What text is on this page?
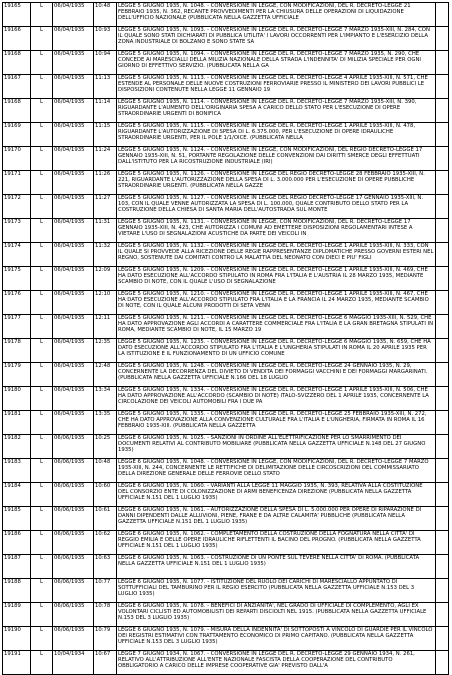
19165	L	06/04/1935	10:48	LEGGE 5 GIUGNO 1935, N. 1048. - CONVERSIONE IN LEGGE, CON MODIFICAZIONI, DEL R. DECRETO-LEGGE 21 FEBBRAIO 1935, N. 362, RECANTE PROVVEDIMENTI PER LA CHIUSURA DELLE OPERAZIONI DI LIQUIDAZIONE DELL'UFFICIO NAZIONALE (PUBBLICATA NELLA GAZZETTA UFFICIALE	

19166	L	06/04/1935	10:93	LEGGE 5 GIUGNO 1935, N. 1093. - CONVERSIONE IN LEGGE DEL R. DECRETO-LEGGE 7 MARZO 1935-XIII, N. 284, CON IL QUALE SONO STATI DICHIARATI DI PUBBLICA UTILITA' I LAVORI OCCORRENTI PER L'IMPIANTO E L'ESERCIZIO DELLA ZONA INDUSTRIALE DI BOLZANO E SONO STATE SA	

19168	L	06/04/1935	10:94	LEGGE 5 GIUGNO 1935, N. 1094. - CONVERSIONE IN LEGGE DEL R. DECRETO-LEGGE 7 MARZO 1935, N. 290, CHE CONCEDE AI MARESCIALLI DELLA MILIZIA NAZIONALE DELLA STRADA L'INDENNITA' DI MILIZIA SPECIALE PER OGNI GIORNO DI EFFETTIVO SERVIZIO. (PUBBLICATA NELLA GA	

19167	L	06/04/1935	11:13	LEGGE 5 GIUGNO 1935, N. 1113. - CONVERSIONE IN LEGGE DEL R. DECRETO-LEGGE 4 APRILE 1935-XIII, N. 571, CHE ESTENDE AL PERSONALE DELLE NUOVE COSTRUZIONI FERROVIARIE PRESSO IL MINISTERO DEI LAVORI PUBBLICI LE DISPOSIZIONI CONTENUTE NELLA LEGGE 11 GENNAIO 19	

19168	L	06/04/1935	11:14	LEGGE 5 GIUGNO 1935, N. 1114. - CONVERSIONE IN LEGGE DEL R. DECRETO-LEGGE 7 MARZO 1935-XIII, N. 390, RIGUARDANTE L'AUMENTO DELL'ORIGINARIA SPESA A CARICO DELLO STATO PER L'ESECUZIONE DI OPERE STRAORDINARIE URGENTI DI BONIFICA	

19169	L	06/04/1935	11:15	LEGGE 5 GIUGNO 1935, N. 1115. - CONVERSIONE IN LEGGE DEL R. DECRETO-LEGGE 1 APRILE 1935-XIII, N. 478, RIGUARDANTE L'AUTORIZZAZIONE DI SPESA DI L. 6.375.000, PER L'ESECUZIONE DI OPERE IDRAULICHE STRAORDINARIE URGENTI, PER IL POLE 1/1/OICE. (PUBBLICATA NELLA	

19170	L	06/04/1935	11:24	LEGGE 5 GIUGNO 1935, N. 1124. - CONVERSIONE IN LEGGE, CON MODIFICAZIONI, DEL REGIO DECRETO-LEGGE 17 GENNAIO 1935-XIII, N. 51, PORTANTE REGOLAZIONE DELLE CONVENZIONI DAI DIRITTI SMERCE DEGLI EFFETTUATI DALL'ISTITUTO PER LA RICOSTRUZIONE INDUSTRIALE (IRI)	

19171	L	06/04/1935	11:26	LEGGE 5 GIUGNO 1935, N. 1126. - CONVERSIONE IN LEGGE DEL REGIO DECRETO-LEGGE 28 FEBBRAIO 1935-XIII, N. 221, RIGUARDANTE L'AUTORIZZAZIONE DELLA SPESA DI L. 3.000.000 PER L'ESECUZIONE DI OPERE PUBBLICHE STRAORDINARIE URGENTI. (PUBBLICATA NELLA GAZZE	

19172	L	06/04/1935	11:27	LEGGE 5 GIUGNO 1935, N. 1127. - CONVERSIONE IN LEGGE DEL REGIO DECRETO-LEGGE 17 GENNAIO 1935-XIII, N. 103, CON IL QUALE VENNE AUTORIZZATA LA SPESA DI L. 100.000, QUALE CONTRIBUTO DELLO STATO PER LA COSTRUZIONE DELLA CHIESA DI SANTA MARIA DELL'AUTOSTRADA SUL MONTE	

19173	L	06/04/1935	11:31	LEGGE 5 GIUGNO 1935, N. 1131. - CONVERSIONE IN LEGGE, CON MODIFICAZIONI, DEL R. DECRETO-LEGGE 17 GENNAIO 1935-XIII, N. 423, CHE AUTORIZZA I COMUNI AD EMETTERE DISPOSIZIONI REGOLAMENTARI INTESE A VIETARE L'USO DI SEGNALAZIONI ACUSTICHE DA PARTE DEI VEICOLI IN	

19174	L	06/04/1935	11:32	LEGGE 5 GIUGNO 1935, N. 1132. - CONVERSIONE IN LEGGE DEL R. DECRETO-LEGGE 1 APRILE 1935-XIII, N. 333, CON IL QUALE SI PROVVEDE ALLA RICEZIONE DELLE REGIE RAPPRESENTANZE DIPLOMATICHE PRESSO GOVERNI ESTERI NEL REGNO, SOSTENUTE DAI COMITATI CONTRO LA MALATTIA DEL NEONATO CON DIECI E PIU' FIGLI	

19175	L	06/04/1935	12:09	LEGGE 5 GIUGNO 1935, N. 1209. - CONVERSIONE IN LEGGE DEL R. DECRETO-LEGGE 1 APRILE 1935-XIII, N. 469, CHE HA DATO ESECUZIONE ALL'ACCORDO STIPULATO IN ROMA FRA L'ITALIA E L'AUSTRIA IL 28 MARZO 1935, MEDIANTE SCAMBIO DI NOTE, CON IL QUALE L'USO DI SEGNALAZIONE	

19176	L	06/04/1935	12:10	LEGGE 5 GIUGNO 1935, N. 1210. - CONVERSIONE IN LEGGE DEL R. DECRETO-LEGGE 1 APRILE 1935-XIII, N. 467, CHE HA DATO ESECUZIONE ALL'ACCORDO STIPULATO FRA L'ITALIA E LA FRANCIA IL 24 MARZO 1935, MEDIANTE SCAMBIO DI NOTE, CON IL QUALE ALCUNI PRODOTTI DI SETA VENN	

19177	L	06/04/1935	12:11	LEGGE 5 GIUGNO 1935, N. 1211. - CONVERSIONE IN LEGGE DEL R. DECRETO-LEGGE 6 MAGGIO 1935-XIII, N. 529, CHE HA DATO APPROVAZIONE AGLI ACCORDI A CARATTERE COMMERCIALE FRA L'ITALIA E LA GRAN BRETAGNA STIPULATI IN ROMA, MEDIANTE SCAMBIO DI NOTE, IL 15 MARZO 19	

19178	L	06/04/1935	12:35	LEGGE 5 GIUGNO 1935, N. 1235. - CONVERSIONE IN LEGGE DEL R. DECRETO-LEGGE 6 MAGGIO 1935, N. 659, CHE HA DATO ESECUZIONE ALL'ACCORDO STIPULATO FRA L'ITALIA E L'UNGHERIA STIPULATI IN ROMA IL 20 APRILE 1935 PER LA ISTITUZIONE E IL FUNZIONAMENTO DI UN UFFICIO COMUNE	

19179	L	06/04/1935	12:48	LEGGE 5 GIUGNO 1935, N. 1248. - CONVERSIONE IN LEGGE DEL R. DECRETO-LEGGE 24 GENNAIO 1935, N. 29, CONCERNENTE LA DECORRENZA DEL DIVIETO DI VENDITA DEI FORMAGGI VACCHINI E DEI FORMAGGI MARGARINATI. (PUBBLICATA NELLA GAZZETTA UFFICIALE N.166 DEL 18 LUGLIO	

19180	L	06/04/1935	13:34	LEGGE 5 GIUGNO 1935, N. 1334. - CONVERSIONE IN LEGGE DEL R. DECRETO-LEGGE 1 APRILE 1935-XIII, N. 506, CHE HA DATO APPROVAZIONE ALL'ACCORDO (SCAMBIO DI NOTE) ITALO-SVIZZERO DEL 1 APRILE 1935, CONCERNENTE LA CIRCOLAZIONE DEI VEICOLI AUTOMOBILI FRA I DUE PA	

19181	L	06/04/1935	13:35	LEGGE 5 GIUGNO 1935, N. 1335. - CONVERSIONE IN LEGGE DEL R. DECRETO-LEGGE 25 FEBBRAIO 1935-XIII, N. 272, CHE HA DATO APPROVAZIONE ALLA CONVENZIONE CULTURALE FRA L'ITALIA E L'UNGHERIA, FIRMATA IN ROMA IL 16 FEBBRAIO 1935-XIII. (PUBBLICATA NELLA GAZZETTA	

19182	L	06/06/1935	10:25	LEGGE 6 GIUGNO 1935, N. 1025. - SANZIONI IN ORDINE ALL'ELETTRIFICAZIONE PER LO SMARRIMENTO DEI DOCUMENTI RELATIVI AL CONTRIBUTO MOBILIARE (PUBBLICATA NELLA GAZZETTA UFFICIALE N.148 DEL 27 GIUGNO 1935)	

19183	L	06/06/1935	10:48	LEGGE 6 GIUGNO 1935, N. 1048. - CONVERSIONE IN LEGGE, CON MODIFICAZIONI, DEL R. DECRETO-LEGGE 7 MARZO 1935-XIII, N. 244, CONCERNENTE LE RETTIFICHE DI DELIMITAZIONE DELLE CIRCOSCRIZIONI DEL COMMISSARIATO DELLA DIREZIONE GENERALE DELLE FERROVIE DELLO STATO	

19184	L	06/06/1935	10:60	LEGGE 6 GIUGNO 1935, N. 1060. - VARIANTI ALLA LEGGE 11 MAGGIO 1935, N. 393, RELATIVA ALLA COSTITUZIONE DEL CONSORZIO ENTE DI COLONIZZAZIONE DI ARMI BENEFICENZA DIREZIONE (PUBBLICATA NELLA GAZZETTA UFFICIALE N.151 DEL 1 LUGLIO 1935)	

19185	L	06/06/1935	10:61	LEGGE 6 GIUGNO 1935, N. 1061. - AUTORIZZAZIONE DELLA SPESA DI L. 5.000.000 PER OPERE DI RIPARAZIONE DI DANNI DIPENDENTI DALLE ALLUVIONI, PIENE, FRANE E DA ALTRE CALAMITA' PUBBLICHE (PUBBLICATA NELLA GAZZETTA UFFICIALE N.151 DEL 1 LUGLIO 1935)	

19186	L	06/06/1935	10:62	LEGGE 6 GIUGNO 1935, N. 1062. - COMPLETAMENTO DELLA COSTRUZIONE DELLA FOGNATURA NELLA CITTA' DI REGGIO EMILIA E DELLE OPERE IDRAULICHE RIFLETTENTI IL BACINO DEL PROGNO. (PUBBLICATA NELLA GAZZETTA UFFICIALE N.151 DEL 1 LUGLIO 1935)	

19187	L	06/06/1935	10:63	LEGGE 6 GIUGNO 1935, N. 1063. - COSTRUZIONE DI UN PONTE SUL TEVERE NELLA CITTA' DI ROMA. (PUBBLICATA NELLA GAZZETTA UFFICIALE N.151 DEL 1 LUGLIO 1935)	

19188	L	06/06/1935	10:77	LEGGE 6 GIUGNO 1935, N. 1077. - ISTITUZIONE DEL RUOLO DEI CARICHI DI MARESCIALLO APPUNTATO DI SOTTUFFICIALI DEL TAMBURINO PER IL REGIO ESERCITO (PUBBLICATA NELLA GAZZETTA UFFICIALE N.153 DEL 3 LUGLIO 1935)	

19189	L	06/06/1935	10:78	LEGGE 6 GIUGNO 1935, N. 1078. - BENEFICI DI ANZIANITA', NEL GRADO DI UFFICIALE DI COMPLEMENTO, AGLI EX VOLONTARI CICLISTI ED AUTOMOBILISTI DEI REPARTI DISCIOLTI NEL 1915. (PUBBLICATA NELLA GAZZETTA UFFICIALE N.153 DEL 3 LUGLIO 1935)	

19190	L	06/06/1935	10:79	LEGGE 6 GIUGNO 1935, N. 1079. - MISURA DELLA INDENNITA' DI SOTTOPOSTI A VINCOLO DI GUARDIE PER IL VINCOLO DEI REGISTRI ESTIMATIVI CON TRATTAMENTO ECONOMICO DI PRIMO CAPITANO. (PUBBLICATA NELLA GAZZETTA UFFICIALE N.153 DEL 3 LUGLIO 1935)	

19191	L	10/04/1934	10:67	LEGGE 7 GIUGNO 1934, N. 1067. - CONVERSIONE IN LEGGE DEL R. DECRETO-LEGGE 29 GENNAIO 1934, N. 261, RELATIVO ALL'ATTRIBUZIONE ALL'ENTE NAZIONALE FASCISTA DELLA COOPERAZIONE DEL CONTRIBUTO OBBLIGATORIO A CARICO DELLE IMPRESE COOPERATIVE GIA' PREVISTO DALL'A	
